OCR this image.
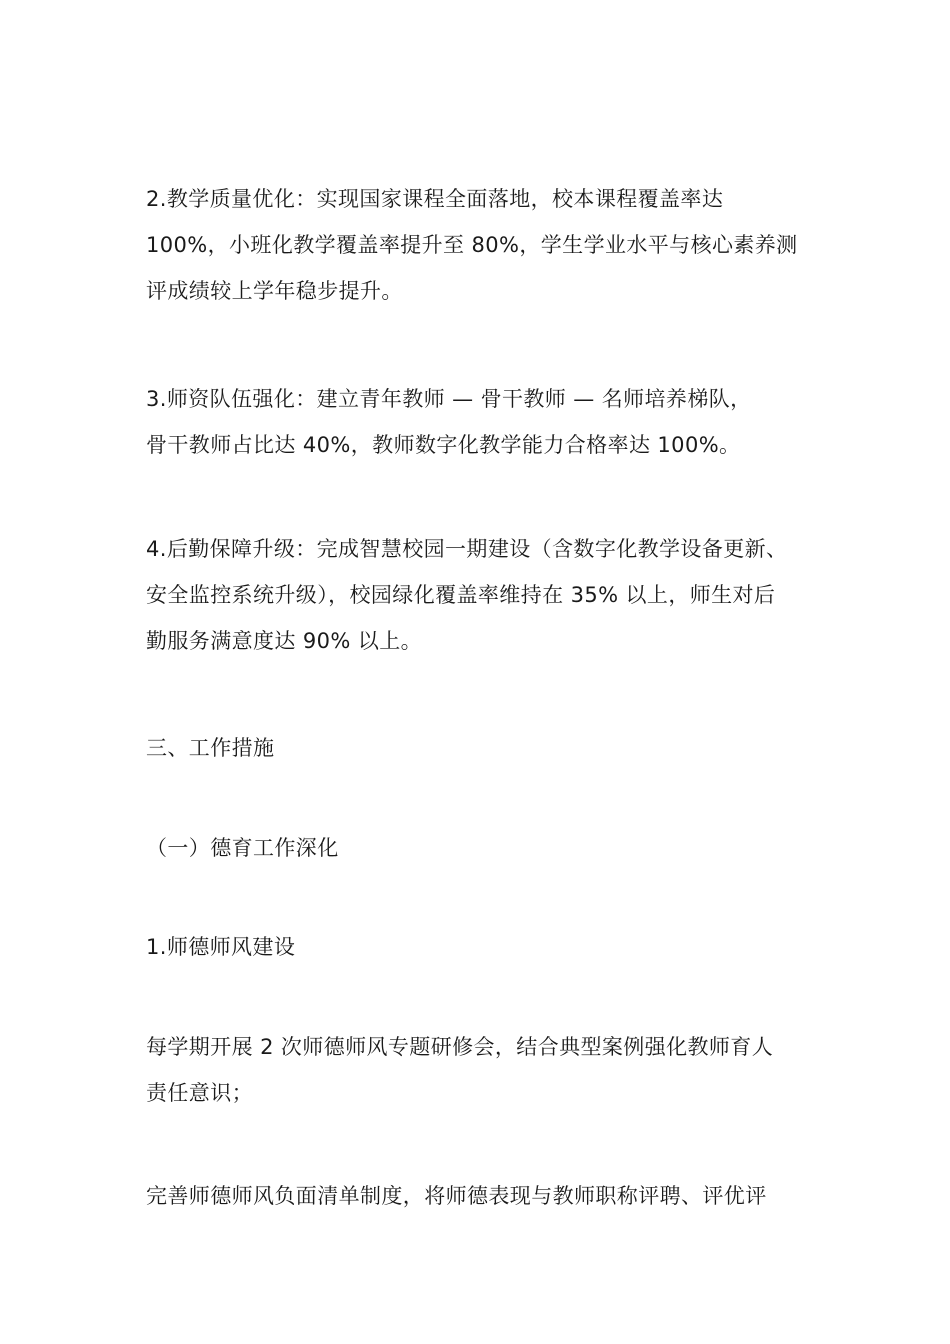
2.教学质量优化：实现国家课程全面落地，校本课程覆盖率达
100%，小班化教学覆盖率提升至 80%，学生学业水平与核心素养测
评成绩较上学年稳步提升。
3.师资队伍强化：建立青年教师 — 骨干教师 — 名师培养梯队，
骨干教师占比达 40%，教师数字化教学能力合格率达 100%。
4.后勤保障升级：完成智慧校园一期建设（含数字化教学设备更新、
安全监控系统升级），校园绿化覆盖率维持在 35% 以上，师生对后
勤服务满意度达 90% 以上。
三、工作措施
（一）德育工作深化
1.师德师风建设
每学期开展 2 次师德师风专题研修会，结合典型案例强化教师育人
责任意识；
完善师德师风负面清单制度，将师德表现与教师职称评聘、评优评
